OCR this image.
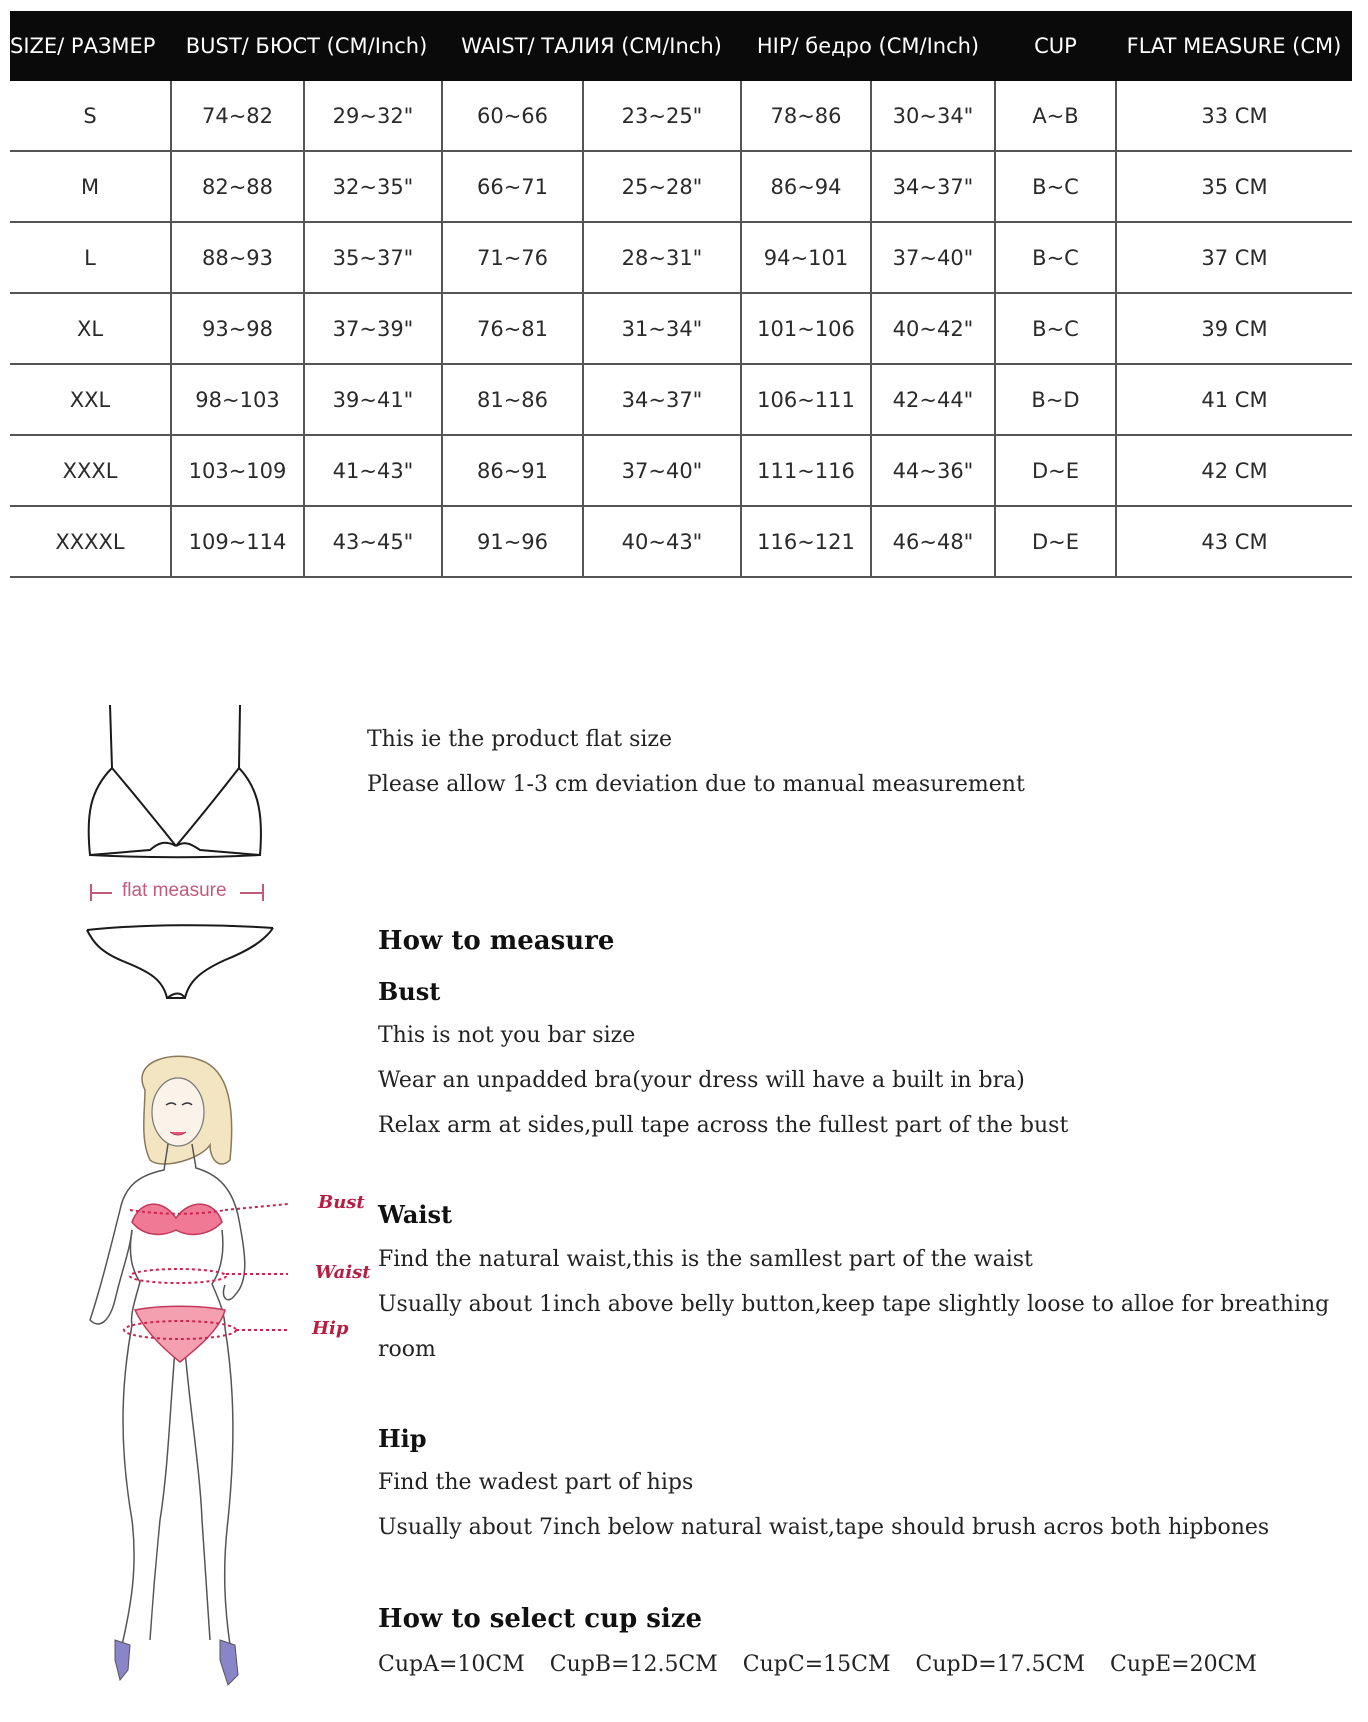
SIZE/ РАЗМЕР	BUST/ БЮСТ (CM/Inch)		WAIST/ ТАЛИЯ (CM/Inch)		HIP/ бедро (CM/Inch)		CUP	FLAT MEASURE (CM)
S	74~82	29~32"	60~66	23~25"	78~86	30~34"	A~B	33 CM
M	82~88	32~35"	66~71	25~28"	86~94	34~37"	B~C	35 CM
L	88~93	35~37"	71~76	28~31"	94~101	37~40"	B~C	37 CM
XL	93~98	37~39"	76~81	31~34"	101~106	40~42"	B~C	39 CM
XXL	98~103	39~41"	81~86	34~37"	106~111	42~44"	B~D	41 CM
XXXL	103~109	41~43"	86~91	37~40"	111~116	44~36"	D~E	42 CM
XXXXL	109~114	43~45"	91~96	40~43"	116~121	46~48"	D~E	43 CM
flat measure
Bust
Waist
Hip
This ie the product flat size
Please allow 1-3 cm deviation due to manual measurement
How to measure
Bust
This is not you bar size
Wear an unpadded bra(your dress will have a built in bra)
Relax arm at sides,pull tape across the fullest part of the bust
Waist
Find the natural waist,this is the samllest part of the waist
Usually about 1inch above belly button,keep tape slightly loose to alloe for breathing
room
Hip
Find the wadest part of hips
Usually about 7inch below natural waist,tape should brush acros both hipbones
How to select cup size
CupA=10CM CupB=12.5CM CupC=15CM CupD=17.5CM CupE=20CM
